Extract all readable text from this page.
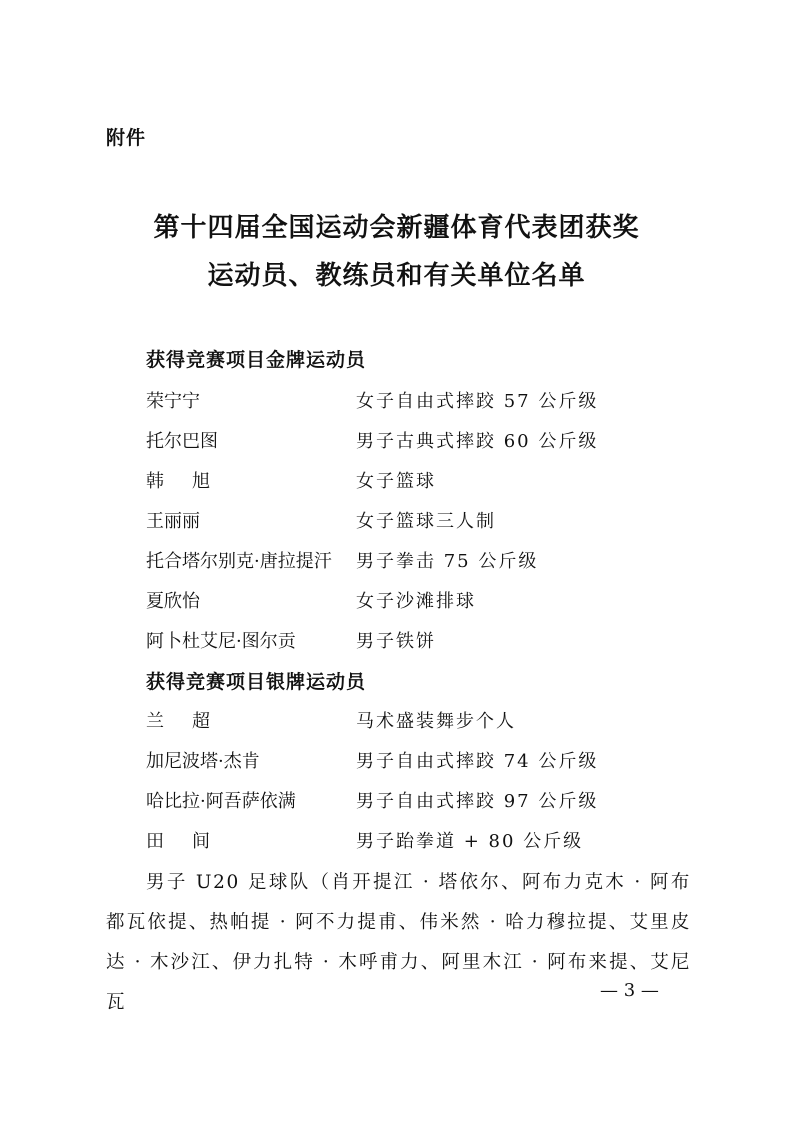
附件
第十四届全国运动会新疆体育代表团获奖
运动员、教练员和有关单位名单
获得竞赛项目金牌运动员
荣宁宁	女子自由式摔跤 57 公斤级
托尔巴图	男子古典式摔跤 60 公斤级
韩旭	女子篮球
王丽丽	女子篮球三人制
托合塔尔别克·唐拉提汗 男子拳击 75 公斤级
夏欣怡	女子沙滩排球
阿卜杜艾尼·图尔贡	男子铁饼
获得竞赛项目银牌运动员
兰超	马术盛装舞步个人
加尼波塔·杰肯	男子自由式摔跤 74 公斤级
哈比拉·阿吾萨依满	男子自由式摔跤 97 公斤级
田间	男子跆拳道 + 80 公斤级
男子 U20 足球队（肖开提江 · 塔依尔、阿布力克木 · 阿布都瓦依提、热帕提 · 阿不力提甫、伟米然 · 哈力穆拉提、艾里皮达 · 木沙江、伊力扎特 · 木呼甫力、阿里木江 · 阿布来提、艾尼瓦
— 3 —
